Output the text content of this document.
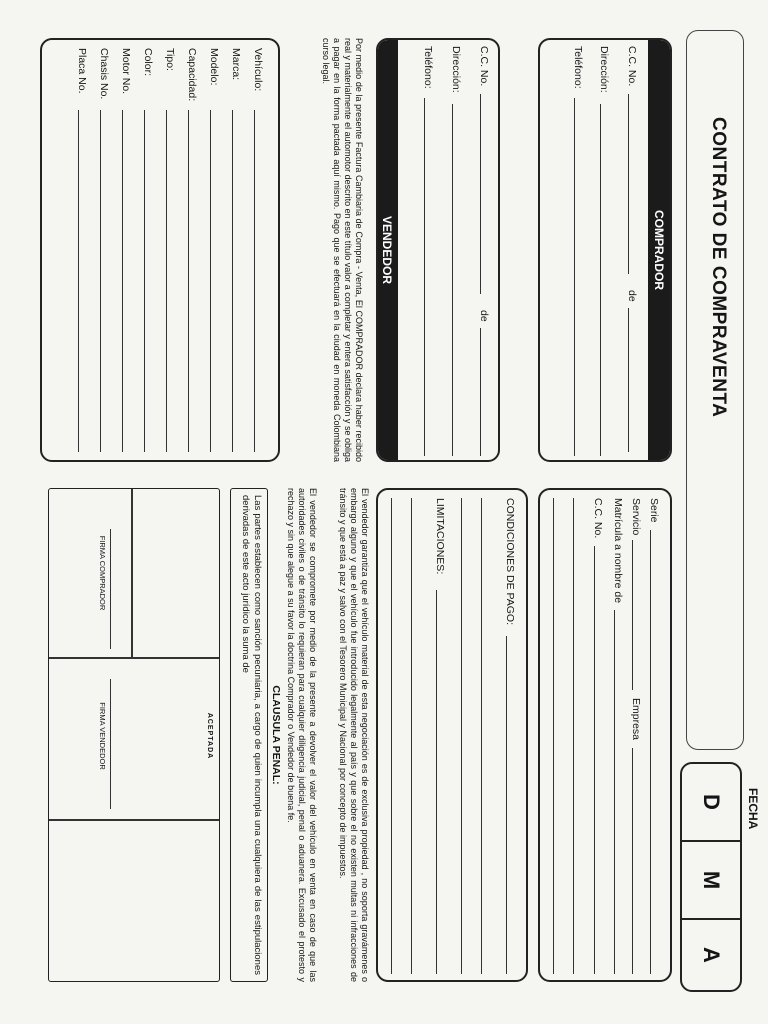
CONTRATO DE COMPRAVENTA
D
M
A
FECHA
COMPRADOR
C.C. No.
de
Dirección:
Teléfono:
VENDEDOR
C.C. No.
de
Dirección:
Teléfono:
Por medio de la presente Factura Cambiaria de Compra - Venta, El COMPRADOR declara haber recibido real y materialmente el automotor descrito en este título valor a completar y entera satisfacción y se obliga a pagar en la forma pactada aquí mismo. Pago que se efectuará en la ciudad en moneda Colombiana curso legal.
Vehículo:
Marca:
Modelo:
Capacidad:
Tipo:
Color:
Motor No.
Chasis No.
Placa No.
Serie
Servicio
Empresa
Matrícula a nombre de
C.C. No.
CONDICIONES DE PAGO:
LIMITACIONES:
El vendedor garantiza que el vehículo material de esta negociación es de exclusiva propiedad , no soporta gravámenes o embargo alguno y que el vehículo fue introducido legalmente al país y que sobre el no existen multas ni infracciones de tránsito y que está a paz y salvo con el Tesorero Municipal y Nacional por concepto de impuestos.
El vendedor se compromete por medio de la presente a devolver el valor del vehículo en venta en caso de que las autoridades civiles o de tránsito lo requieran para cualquier diligencia judicial, penal o aduanera. Excusado el protesto y rechazo y sin que alegue a su favor la doctrina Comprador o Vendedor de buena fe.
CLAUSULA PENAL:
Las partes establecen como sanción pecuniaria, a cargo de quien incumpla una cualquiera de las estipulaciones derivadas de este acto jurídico la suma de
ACEPTADA
FIRMA VENDEDOR
FIRMA COMPRADOR
